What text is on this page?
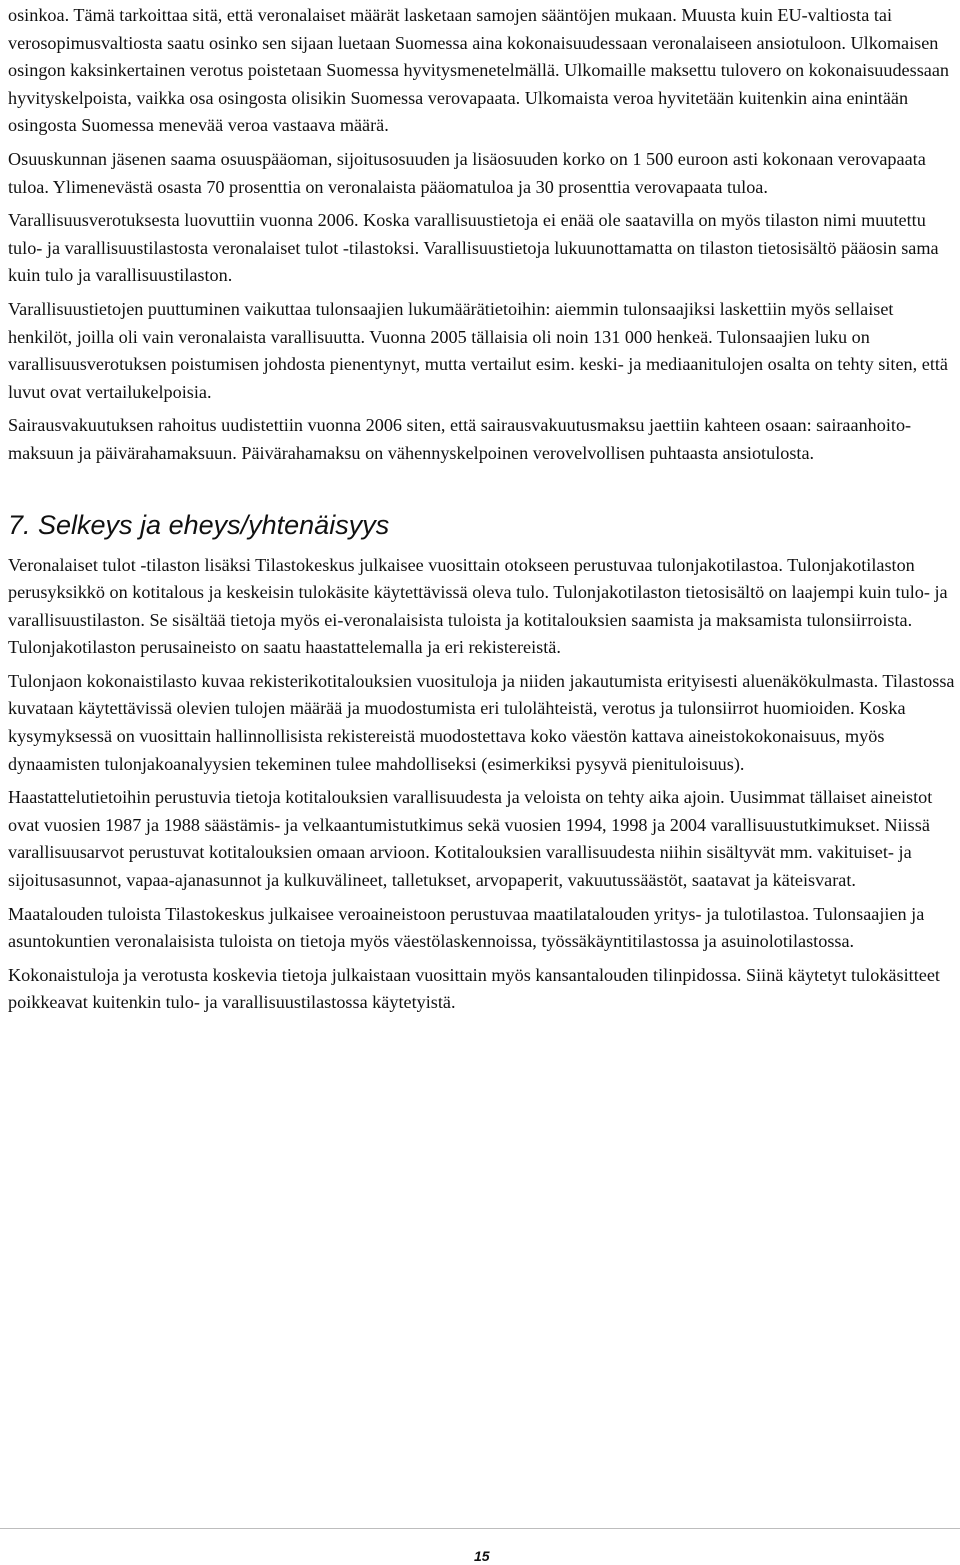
osinkoa. Tämä tarkoittaa sitä, että veronalaiset määrät lasketaan samojen sääntöjen mukaan. Muusta kuin EU-valtiosta tai verosopimusvaltiosta saatu osinko sen sijaan luetaan Suomessa aina kokonaisuudessaan veronalaiseen ansiotuloon. Ulkomaisen osingon kaksinkertainen verotus poistetaan Suomessa hyvitysmenetelmällä. Ulkomaille maksettu tulovero on kokonaisuudessaan hyvityskelpoista, vaikka osa osingosta olisikin Suomessa verovapaata. Ulkomaista veroa hyvitetään kuitenkin aina enintään osingosta Suomessa menevää veroa vastaava määrä.

Osuuskunnan jäsenen saama osuuspääoman, sijoitusosuuden ja lisäosuuden korko on 1 500 euroon asti kokonaan verovapaata tuloa. Ylimenevästä osasta 70 prosenttia on veronalaista pääomatuloa ja 30 prosenttia verovapaata tuloa.

Varallisuusverotuksesta luovuttiin vuonna 2006. Koska varallisuustietoja ei enää ole saatavilla on myös tilaston nimi muutettu tulo- ja varallisuustilastosta veronalaiset tulot -tilastoksi. Varallisuustietoja lukuunottamatta on tilaston tietosisältö pääosin sama kuin tulo ja varallisuustilaston.

Varallisuustietojen puuttuminen vaikuttaa tulonsaajien lukumäärätietoihin: aiemmin tulonsaajiksi laskettiin myös sellaiset henkilöt, joilla oli vain veronalaista varallisuutta. Vuonna 2005 tällaisia oli noin 131 000 henkeä. Tulonsaajien luku on varallisuusverotuksen poistumisen johdosta pienentynyt, mutta vertailut esim. keski- ja mediaanitulojen osalta on tehty siten, että luvut ovat vertailukelpoisia.

Sairausvakuutuksen rahoitus uudistettiin vuonna 2006 siten, että sairausvakuutusmaksu jaettiin kahteen osaan: sairaanhoito-maksuun ja päivärahamaksuun. Päivärahamaksu on vähennyskelpoinen verovelvollisen puhtaasta ansiotulosta.

7. Selkeys ja eheys/yhtenäisyys

Veronalaiset tulot -tilaston lisäksi Tilastokeskus julkaisee vuosittain otokseen perustuvaa tulonjakotilastoa. Tulonjakotilaston perusyksikkö on kotitalous ja keskeisin tulokäsite käytettävissä oleva tulo. Tulonjakotilaston tietosisältö on laajempi kuin tulo- ja varallisuustilaston. Se sisältää tietoja myös ei-veronalaisista tuloista ja kotitalouksien saamista ja maksamista tulonsiirroista. Tulonjakotilaston perusaineisto on saatu haastattelemalla ja eri rekistereistä.

Tulonjaon kokonaistilasto kuvaa rekisterikotitalouksien vuosituloja ja niiden jakautumista erityisesti aluenäkökulmasta. Tilastossa kuvataan käytettävissä olevien tulojen määrää ja muodostumista eri tulolähteistä, verotus ja tulonsiirrot huomioiden. Koska kysymyksessä on vuosittain hallinnollisista rekistereistä muodostettava koko väestön kattava aineistokokonaisuus, myös dynaamisten tulonjakoanalyysien tekeminen tulee mahdolliseksi (esimerkiksi pysyvä pienituloisuus).

Haastattelutietoihin perustuvia tietoja kotitalouksien varallisuudesta ja veloista on tehty aika ajoin. Uusimmat tällaiset aineistot ovat vuosien 1987 ja 1988 säästämis- ja velkaantumistutkimus sekä vuosien 1994, 1998 ja 2004 varallisuustutkimukset. Niissä varallisuusarvot perustuvat kotitalouksien omaan arvioon. Kotitalouksien varallisuudesta niihin sisältyvät mm. vakituiset- ja sijoitusasunnot, vapaa-ajanasunnot ja kulkuvälineet, talletukset, arvopaperit, vakuutussäästöt, saatavat ja käteisvarat.

Maatalouden tuloista Tilastokeskus julkaisee veroaineistoon perustuvaa maatilatalouden yritys- ja tulotilastoa. Tulonsaajien ja asuntokuntien veronalaisista tuloista on tietoja myös väestölaskennoissa, työssäkäyntitilastossa ja asuinolotilastossa.

Kokonaistuloja ja verotusta koskevia tietoja julkaistaan vuosittain myös kansantalouden tilinpidossa. Siinä käytetyt tulokäsitteet poikkeavat kuitenkin tulo- ja varallisuustilastossa käytetyistä.

15
